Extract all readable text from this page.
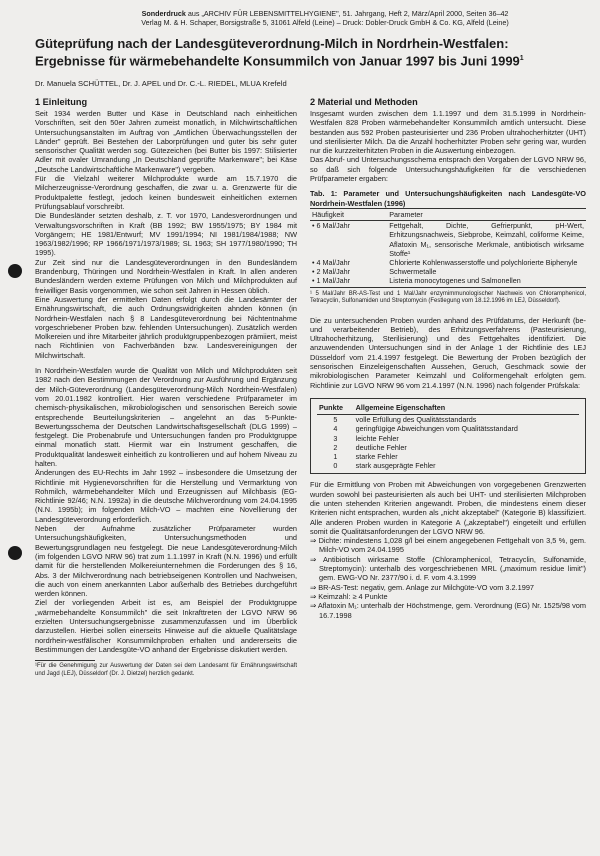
Sonderdruck aus „ARCHIV FÜR LEBENSMITTELHYGIENE", 51. Jahrgang, Heft 2, März/April 2000, Seiten 36–42
Verlag M. & H. Schaper, Borsigstraße 5, 31061 Alfeld (Leine) – Druck: Dobler-Druck GmbH & Co. KG, Alfeld (Leine)
Güteprüfung nach der Landesgüteverordnung-Milch in Nordrhein-Westfalen:
Ergebnisse für wärmebehandelte Konsummilch von Januar 1997 bis Juni 1999$^1$
Dr. Manuela SCHÜTTEL, Dr. J. APEL und Dr. C.-L. RIEDEL, MLUA Krefeld
1 Einleitung

Seit 1934 werden Butter und Käse in Deutschland nach einheitlichen Vorschriften, seit den 50er Jahren zumeist monatlich, in Milchwirtschaftlichen Untersuchungsanstalten im Auftrag von „Amtlichen Überwachungsstellen der Länder" geprüft. Bei Bestehen der Laborprüfungen und guter bis sehr guter sensorischer Qualität werden sog. Gütezeichen (bei Butter bis 1997: Stilisierter Adler mit ovaler Umrandung „In Deutschland geprüfte Markenware"; bei Käse „Deutsche Landwirtschaftliche Markenware") vergeben.

Für die Vielzahl weiterer Milchprodukte wurde am 15.7.1970 die Milcherzeugnisse-Verordnung geschaffen, die zwar u. a. Grenzwerte für die Produktpalette festlegt, jedoch keinen bundesweit einheitlichen externen Prüfungsablauf vorschreibt.

Die Bundesländer setzten deshalb, z. T. vor 1970, Landesverordnungen und Verwaltungsvorschriften in Kraft (BB 1992; BW 1955/1975; BY 1984 mit Vorgängern; HE 1981/Entwurf; MV 1991/1994; NI 1981/1984/1988; NW 1963/1982/1996; RP 1966/1971/1973/1989; SL 1963; SH 1977/1980/1990; TH 1995).

Zur Zeit sind nur die Landesgüteverordnungen in den Bundesländern Brandenburg, Thüringen und Nordrhein-Westfalen in Kraft. In allen anderen Bundesländern werden externe Prüfungen von Milch und Milchprodukten auf freiwilliger Basis vorgenommen, wie schon seit Jahren in Hessen üblich.

Eine Auswertung der ermittelten Daten erfolgt durch die Landesämter der Ernährungswirtschaft, die auch Ordnungswidrigkeiten ahnden können (in Nordrhein-Westfalen nach § 8 Landesgüteverordnung bei Nichtentnahme vorgeschriebener Proben bzw. fehlenden Untersuchungen). Zusätzlich werden Molkereien und ihre Mitarbeiter jährlich produktgruppenbezogen prämiiert, meist nach Richtlinien von Fachverbänden bzw. Landesvereinigungen der Milchwirtschaft.

In Nordrhein-Westfalen wurde die Qualität von Milch und Milchprodukten seit 1982 nach den Bestimmungen der Verordnung zur Ausführung und Ergänzung der Milch-Güteverordnung (Landesgüteverordnung-Milch Nordrhein-Westfalen) vom 20.01.1982 kontrolliert. Hier waren verschiedene Prüfparameter im chemisch-physikalischen, mikrobiologischen und sensorischen Bereich sowie entsprechende Beurteilungskriterien – angelehnt an das 5-Punkte-Bewertungsschema der Deutschen Landwirtschaftsgesellschaft (DLG 1999) – festgelegt. Die Probenabrufe und Untersuchungen fanden pro Produktgruppe einmal monatlich statt. Hiermit war ein Instrument geschaffen, die Produktqualität landesweit einheitlich zu kontrollieren und auf hohem Niveau zu halten.

Änderungen des EU-Rechts im Jahr 1992 – insbesondere die Umsetzung der Richtlinie mit Hygienevorschriften für die Herstellung und Vermarktung von Rohmilch, wärmebehandelter Milch und Erzeugnissen auf Milchbasis (EG-Richtlinie 92/46; N.N. 1992a) in die deutsche Milchverordnung vom 24.04.1995 (N.N. 1995b); im folgenden Milch-VO – machten eine Novellierung der Landesgüteverordnung erforderlich.

Neben der Aufnahme zusätzlicher Prüfparameter wurden Untersuchungshäufigkeiten, Untersuchungsmethoden und Bewertungsgrundlagen neu festgelegt. Die neue Landesgüteverordnung-Milch (im folgenden LGVO NRW 96) trat zum 1.1.1997 in Kraft (N.N. 1996) und erfüllt damit für die herstellenden Molkereiunternehmen die Forderungen des § 16, Abs. 3 der Milchverordnung nach betriebseigenen Kontrollen und Nachweisen, die auch von einem anerkannten Labor außerhalb des Betriebes durchgeführt werden können.

Ziel der vorliegenden Arbeit ist es, am Beispiel der Produktgruppe „wärmebehandelte Konsummilch" die seit Inkrafttreten der LGVO NRW 96 erzielten Untersuchungsergebnisse zusammenzufassen und im Überblick darzustellen. Hierbei sollen einerseits Hinweise auf die aktuelle Qualitätslage nordrhein-westfälischer Konsummilchproben erhalten und andererseits die Bestimmungen der Landesgüte-VO anhand der Ergebnisse diskutiert werden.

¹Für die Genehmigung zur Auswertung der Daten sei dem Landesamt für Ernährungswirtschaft und Jagd (LEJ), Düsseldorf (Dr. J. Dietzel) herzlich gedankt.

2 Material und Methoden

Insgesamt wurden zwischen dem 1.1.1997 und dem 31.5.1999 in Nordrhein-Westfalen 828 Proben wärmebehandelter Konsummilch amtlich untersucht. Diese bestanden aus 592 Proben pasteurisierter und 236 Proben ultrahocherhitzter (UHT) und sterilisierter Milch. Da die Anzahl hocherhitzter Proben sehr gering war, wurden nur die kurzzeiterhitzten Proben in die Auswertung einbezogen.

Das Abruf- und Untersuchungsschema entsprach den Vorgaben der LGVO NRW 96, so daß sich folgende Untersuchungshäufigkeiten für die verschiedenen Prüfparameter ergaben:

Tab. 1: Parameter und Untersuchungshäufigkeiten nach Landesgüte-VO Nordrhein-Westfalen (1996)

Häufigkeit	Parameter
• 6 Mal/Jahr	Fettgehalt, Dichte, Gefrierpunkt, pH-Wert, Erhitzungsnachweis, Siebprobe, Keimzahl, coliforme Keime, Aflatoxin M₁, sensorische Merkmale, antibiotisch wirksame Stoffe¹
• 4 Mal/Jahr	Chlorierte Kohlenwasserstoffe und polychlorierte Biphenyle
• 2 Mal/Jahr	Schwermetalle
• 1 Mal/Jahr	Listeria monocytogenes und Salmonellen

¹ 5 Mal/Jahr BR-AS-Test und 1 Mal/Jahr enzymimmunologischer Nachweis von Chloramphenicol, Tetracyclin, Sulfonamiden und Streptomycin (Festlegung vom 18.12.1996 im LEJ, Düsseldorf).

Die zu untersuchenden Proben wurden anhand des Prüfdatums, der Herkunft (be- und verarbeitender Betrieb), des Erhitzungsverfahrens (Pasteurisierung, Ultrahocherhitzung, Sterilisierung) und des Fettgehaltes identifiziert. Die anzuwendenden Untersuchungen sind in der Anlage 1 der Richtlinie des LEJ Düsseldorf vom 21.4.1997 festgelegt. Die Bewertung der Proben bezüglich der sensorischen Einzeleigenschaften Aussehen, Geruch, Geschmack sowie der mikrobiologischen Parameter Keimzahl und Coliformengehalt erfolgten gem. Richtlinie zur LGVO NRW 96 vom 21.4.1997 (N.N. 1996) nach folgender Prüfskala:

Punkte	Allgemeine Eigenschaften
5	volle Erfüllung des Qualitätsstandards
4	geringfügige Abweichungen vom Qualitätsstandard
3	leichte Fehler
2	deutliche Fehler
1	starke Fehler
0	stark ausgeprägte Fehler

Für die Ermittlung von Proben mit Abweichungen von vorgegebenen Grenzwerten wurden sowohl bei pasteurisierten als auch bei UHT- und sterilisierten Milchproben die unten stehenden Kriterien angewandt. Proben, die mindestens einem dieser Kriterien nicht entsprachen, wurden als „nicht akzeptabel" (Kategorie B) klassifiziert. Alle anderen Proben wurden in Kategorie A („akzeptabel") eingeteilt und erfüllen somit die Qualitätsanforderungen der LGVO NRW 96.

⇒ Dichte: mindestens 1,028 g/l bei einem angegebenen Fettgehalt von 3,5 %, gem. Milch-VO vom 24.04.1995

⇒ Antibiotisch wirksame Stoffe (Chloramphenicol, Tetracyclin, Sulfonamide, Streptomycin): unterhalb des vorgeschriebenen MRL („maximum residue limit") gem. EWG-VO Nr. 2377/90 i. d. F. vom 4.3.1999

⇒ BR-AS-Test: negativ, gem. Anlage zur Milchgüte-VO vom 3.2.1997

⇒ Keimzahl: ≥ 4 Punkte

⇒ Aflatoxin M₁: unterhalb der Höchstmenge, gem. Verordnung (EG) Nr. 1525/98 vom 16.7.1998
